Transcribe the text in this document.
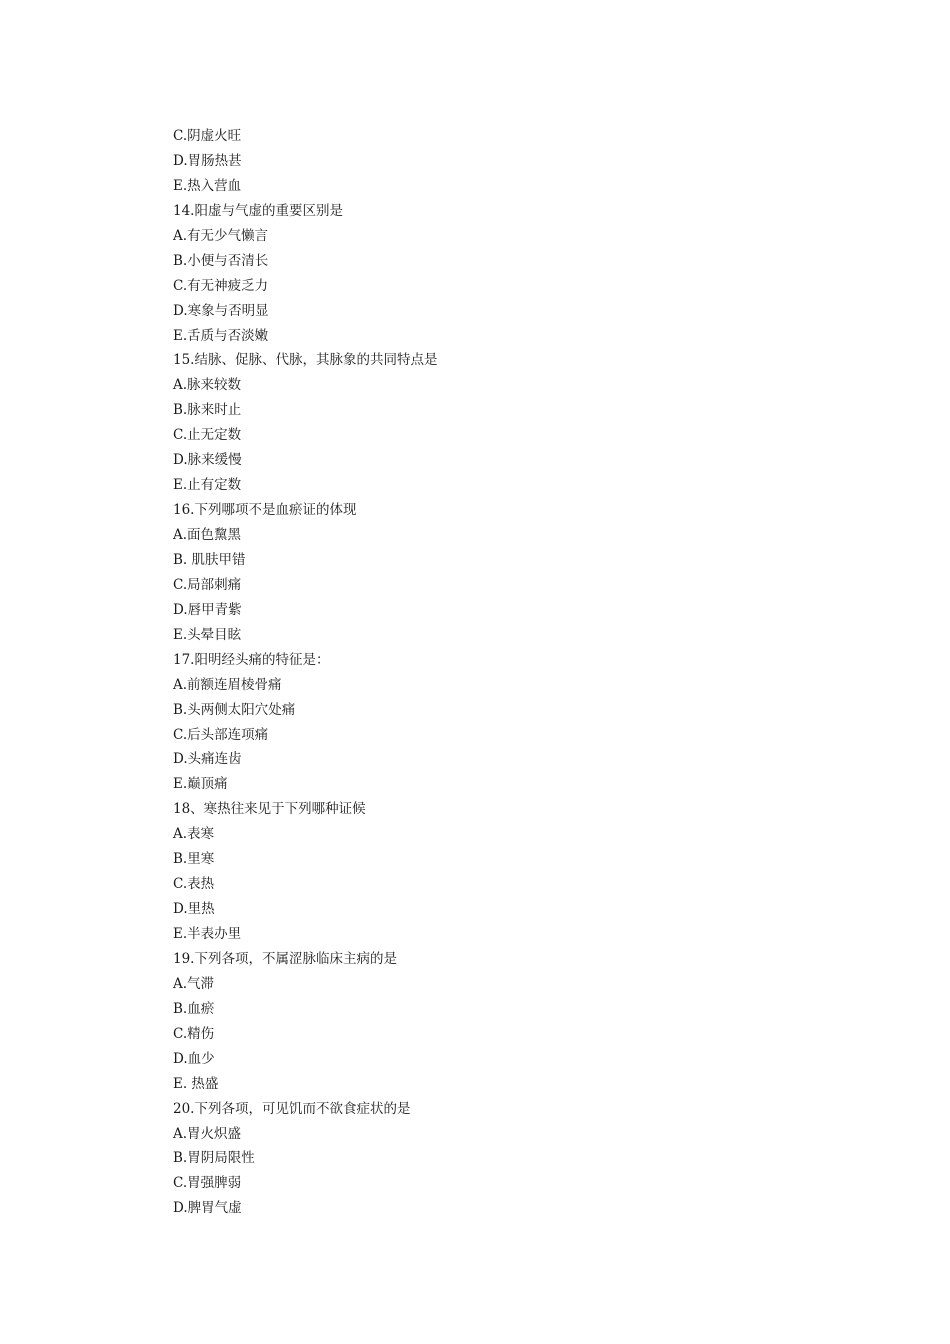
C.阴虚火旺
D.胃肠热甚
E.热入营血
14.阳虚与气虚的重要区别是
A.有无少气懒言
B.小便与否清长
C.有无神疲乏力
D.寒象与否明显
E.舌质与否淡嫩
15.结脉、促脉、代脉，其脉象的共同特点是
A.脉来较数
B.脉来时止
C.止无定数
D.脉来缓慢
E.止有定数
16.下列哪项不是血瘀证的体现
A.面色黧黑
B. 肌肤甲错
C.局部刺痛
D.唇甲青紫
E.头晕目眩
17.阳明经头痛的特征是：
A.前额连眉棱骨痛
B.头两侧太阳穴处痛
C.后头部连项痛
D.头痛连齿
E.巅顶痛
18、寒热往来见于下列哪种证候
A.表寒
B.里寒
C.表热
D.里热
E.半表办里
19.下列各项，不属涩脉临床主病的是
A.气滞
B.血瘀
C.精伤
D.血少
E. 热盛
20.下列各项，可见饥而不欲食症状的是
A.胃火炽盛
B.胃阴局限性
C.胃强脾弱
D.脾胃气虚
